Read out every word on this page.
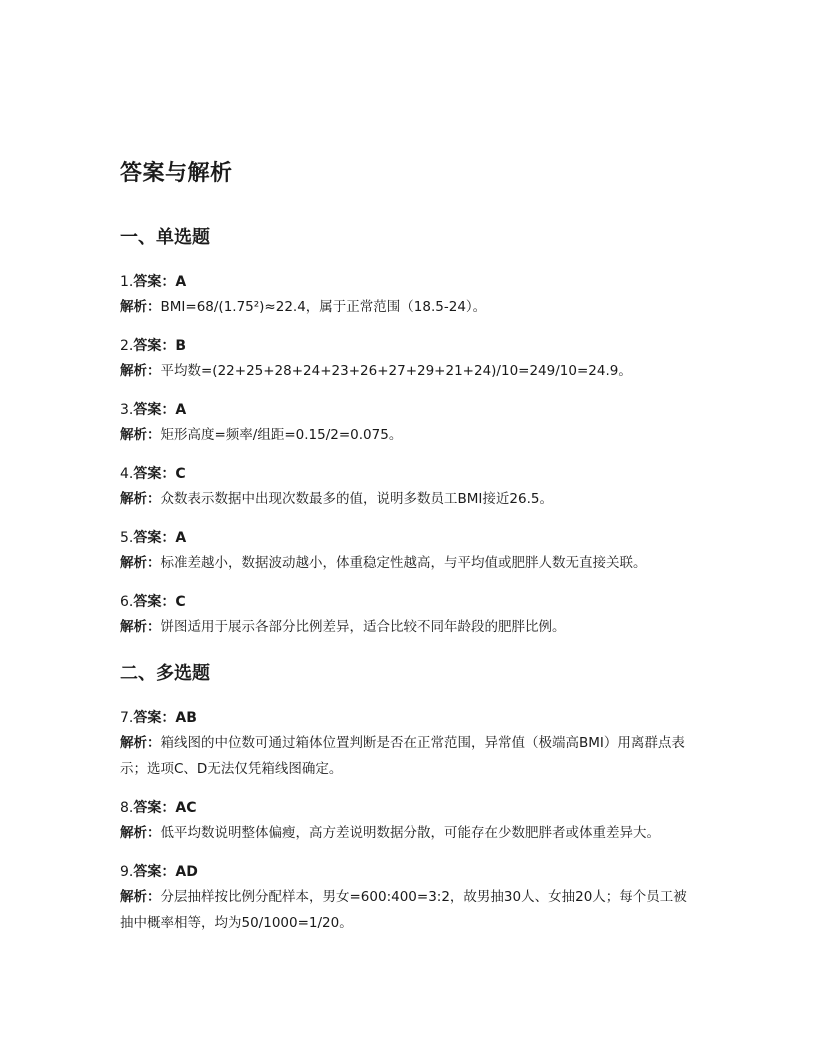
答案与解析
一、单选题
1.答案：A
解析：BMI=68/(1.75²)≈22.4，属于正常范围（18.5-24）。
2.答案：B
解析：平均数=(22+25+28+24+23+26+27+29+21+24)/10=249/10=24.9。
3.答案：A
解析：矩形高度=频率/组距=0.15/2=0.075。
4.答案：C
解析：众数表示数据中出现次数最多的值，说明多数员工BMI接近26.5。
5.答案：A
解析：标准差越小，数据波动越小，体重稳定性越高，与平均值或肥胖人数无直接关联。
6.答案：C
解析：饼图适用于展示各部分比例差异，适合比较不同年龄段的肥胖比例。
二、多选题
7.答案：AB
解析：箱线图的中位数可通过箱体位置判断是否在正常范围，异常值（极端高BMI）用离群点表示；选项C、D无法仅凭箱线图确定。
8.答案：AC
解析：低平均数说明整体偏瘦，高方差说明数据分散，可能存在少数肥胖者或体重差异大。
9.答案：AD
解析：分层抽样按比例分配样本，男女=600:400=3:2，故男抽30人、女抽20人；每个员工被抽中概率相等，均为50/1000=1/20。
